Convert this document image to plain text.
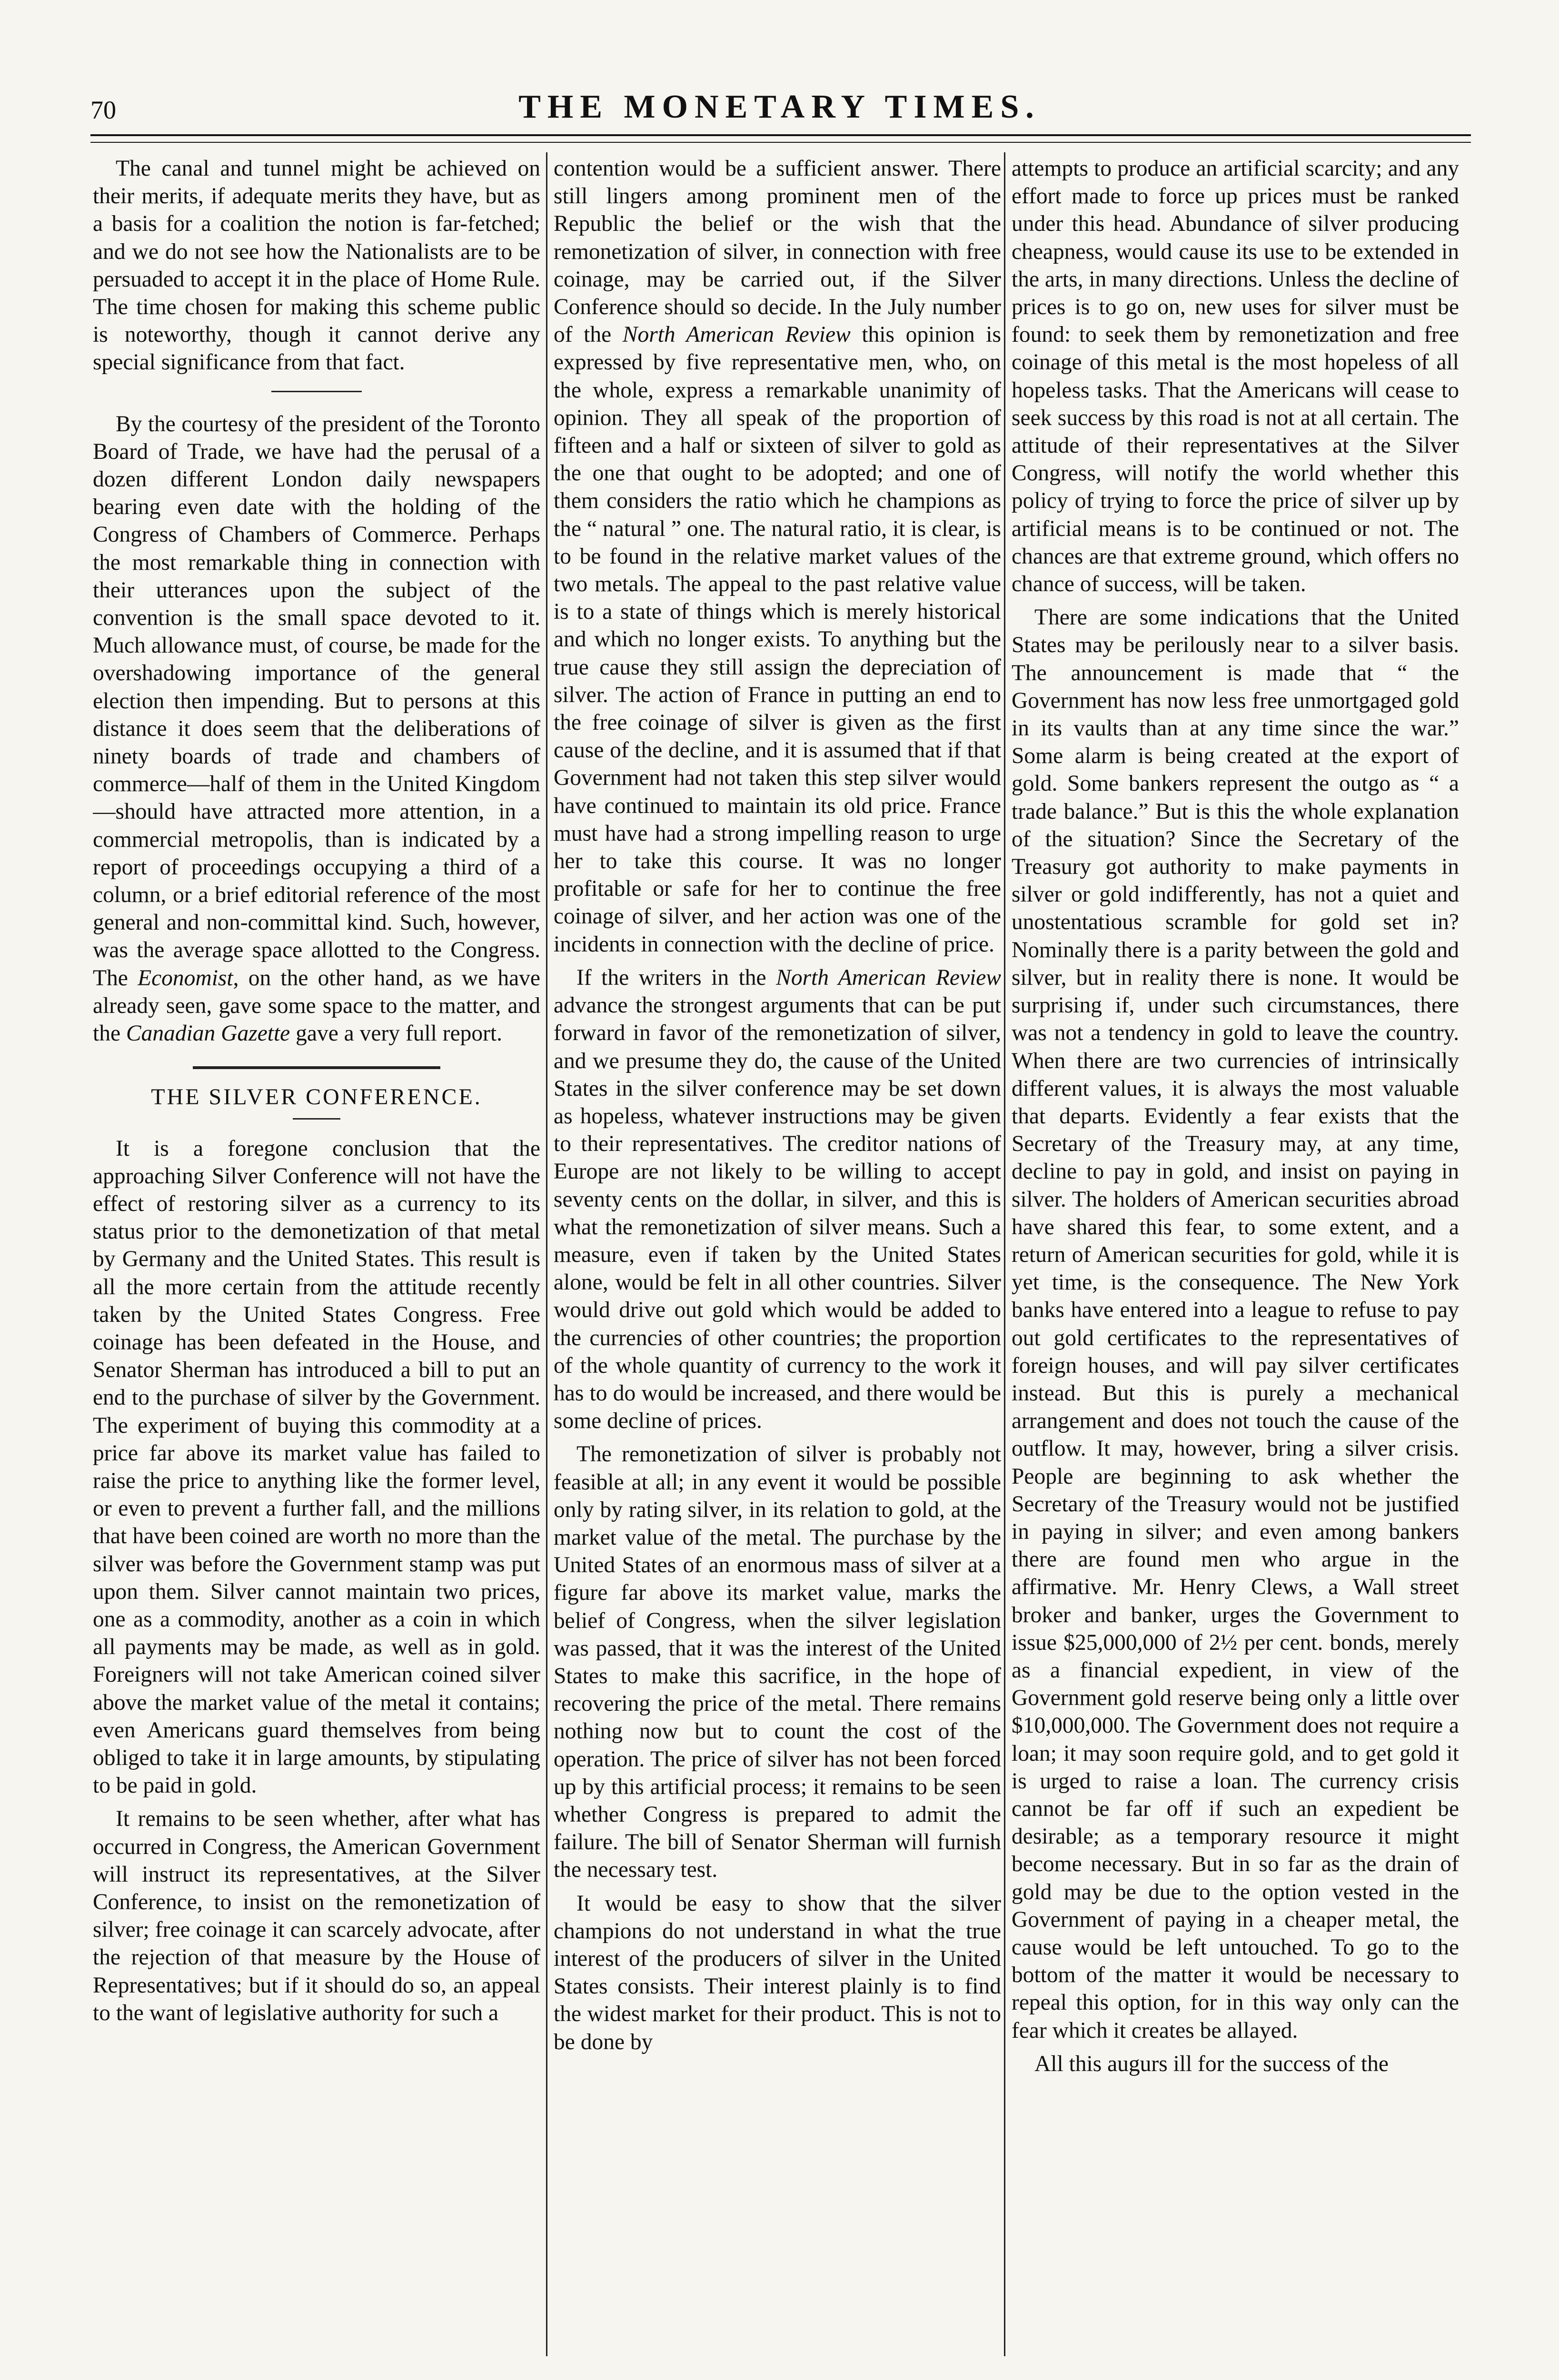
70	THE MONETARY TIMES.

The canal and tunnel might be achieved on their merits, if adequate merits they have, but as a basis for a coalition the notion is far-fetched; and we do not see how the Nationalists are to be persuaded to accept it in the place of Home Rule. The time chosen for making this scheme public is noteworthy, though it cannot derive any special significance from that fact.

By the courtesy of the president of the Toronto Board of Trade, we have had the perusal of a dozen different London daily newspapers bearing even date with the holding of the Congress of Chambers of Commerce. Perhaps the most remarkable thing in connection with their utterances upon the subject of the convention is the small space devoted to it. Much allowance must, of course, be made for the overshadowing importance of the general election then impending. But to persons at this distance it does seem that the deliberations of ninety boards of trade and chambers of commerce—half of them in the United Kingdom—should have attracted more attention, in a commercial metropolis, than is indicated by a report of proceedings occupying a third of a column, or a brief editorial reference of the most general and non-committal kind. Such, however, was the average space allotted to the Congress. The Economist, on the other hand, as we have already seen, gave some space to the matter, and the Canadian Gazette gave a very full report.

THE SILVER CONFERENCE.

It is a foregone conclusion that the approaching Silver Conference will not have the effect of restoring silver as a currency to its status prior to the demonetization of that metal by Germany and the United States. This result is all the more certain from the attitude recently taken by the United States Congress. Free coinage has been defeated in the House, and Senator Sherman has introduced a bill to put an end to the purchase of silver by the Government. The experiment of buying this commodity at a price far above its market value has failed to raise the price to anything like the former level, or even to prevent a further fall, and the millions that have been coined are worth no more than the silver was before the Government stamp was put upon them. Silver cannot maintain two prices, one as a commodity, another as a coin in which all payments may be made, as well as in gold. Foreigners will not take American coined silver above the market value of the metal it contains; even Americans guard themselves from being obliged to take it in large amounts, by stipulating to be paid in gold.

It remains to be seen whether, after what has occurred in Congress, the American Government will instruct its representatives, at the Silver Conference, to insist on the remonetization of silver; free coinage it can scarcely advocate, after the rejection of that measure by the House of Representatives; but if it should do so, an appeal to the want of legislative authority for such a

contention would be a sufficient answer. There still lingers among prominent men of the Republic the belief or the wish that the remonetization of silver, in connection with free coinage, may be carried out, if the Silver Conference should so decide. In the July number of the North American Review this opinion is expressed by five representative men, who, on the whole, express a remarkable unanimity of opinion. They all speak of the proportion of fifteen and a half or sixteen of silver to gold as the one that ought to be adopted; and one of them considers the ratio which he champions as the “ natural ” one. The natural ratio, it is clear, is to be found in the relative market values of the two metals. The appeal to the past relative value is to a state of things which is merely historical and which no longer exists. To anything but the true cause they still assign the depreciation of silver. The action of France in putting an end to the free coinage of silver is given as the first cause of the decline, and it is assumed that if that Government had not taken this step silver would have continued to maintain its old price. France must have had a strong impelling reason to urge her to take this course. It was no longer profitable or safe for her to continue the free coinage of silver, and her action was one of the incidents in connection with the decline of price.

If the writers in the North American Review advance the strongest arguments that can be put forward in favor of the remonetization of silver, and we presume they do, the cause of the United States in the silver conference may be set down as hopeless, whatever instructions may be given to their representatives. The creditor nations of Europe are not likely to be willing to accept seventy cents on the dollar, in silver, and this is what the remonetization of silver means. Such a measure, even if taken by the United States alone, would be felt in all other countries. Silver would drive out gold which would be added to the currencies of other countries; the proportion of the whole quantity of currency to the work it has to do would be increased, and there would be some decline of prices.

The remonetization of silver is probably not feasible at all; in any event it would be possible only by rating silver, in its relation to gold, at the market value of the metal. The purchase by the United States of an enormous mass of silver at a figure far above its market value, marks the belief of Congress, when the silver legislation was passed, that it was the interest of the United States to make this sacrifice, in the hope of recovering the price of the metal. There remains nothing now but to count the cost of the operation. The price of silver has not been forced up by this artificial process; it remains to be seen whether Congress is prepared to admit the failure. The bill of Senator Sherman will furnish the necessary test.

It would be easy to show that the silver champions do not understand in what the true interest of the producers of silver in the United States consists. Their interest plainly is to find the widest market for their product. This is not to be done by

attempts to produce an artificial scarcity; and any effort made to force up prices must be ranked under this head. Abundance of silver producing cheapness, would cause its use to be extended in the arts, in many directions. Unless the decline of prices is to go on, new uses for silver must be found: to seek them by remonetization and free coinage of this metal is the most hopeless of all hopeless tasks. That the Americans will cease to seek success by this road is not at all certain. The attitude of their representatives at the Silver Congress, will notify the world whether this policy of trying to force the price of silver up by artificial means is to be continued or not. The chances are that extreme ground, which offers no chance of success, will be taken.

There are some indications that the United States may be perilously near to a silver basis. The announcement is made that “ the Government has now less free unmortgaged gold in its vaults than at any time since the war.” Some alarm is being created at the export of gold. Some bankers represent the outgo as “ a trade balance.” But is this the whole explanation of the situation? Since the Secretary of the Treasury got authority to make payments in silver or gold indifferently, has not a quiet and unostentatious scramble for gold set in? Nominally there is a parity between the gold and silver, but in reality there is none. It would be surprising if, under such circumstances, there was not a tendency in gold to leave the country. When there are two currencies of intrinsically different values, it is always the most valuable that departs. Evidently a fear exists that the Secretary of the Treasury may, at any time, decline to pay in gold, and insist on paying in silver. The holders of American securities abroad have shared this fear, to some extent, and a return of American securities for gold, while it is yet time, is the consequence. The New York banks have entered into a league to refuse to pay out gold certificates to the representatives of foreign houses, and will pay silver certificates instead. But this is purely a mechanical arrangement and does not touch the cause of the outflow. It may, however, bring a silver crisis. People are beginning to ask whether the Secretary of the Treasury would not be justified in paying in silver; and even among bankers there are found men who argue in the affirmative. Mr. Henry Clews, a Wall street broker and banker, urges the Government to issue $25,000,000 of 2½ per cent. bonds, merely as a financial expedient, in view of the Government gold reserve being only a little over $10,000,000. The Government does not require a loan; it may soon require gold, and to get gold it is urged to raise a loan. The currency crisis cannot be far off if such an expedient be desirable; as a temporary resource it might become necessary. But in so far as the drain of gold may be due to the option vested in the Government of paying in a cheaper metal, the cause would be left untouched. To go to the bottom of the matter it would be necessary to repeal this option, for in this way only can the fear which it creates be allayed.

All this augurs ill for the success of the
